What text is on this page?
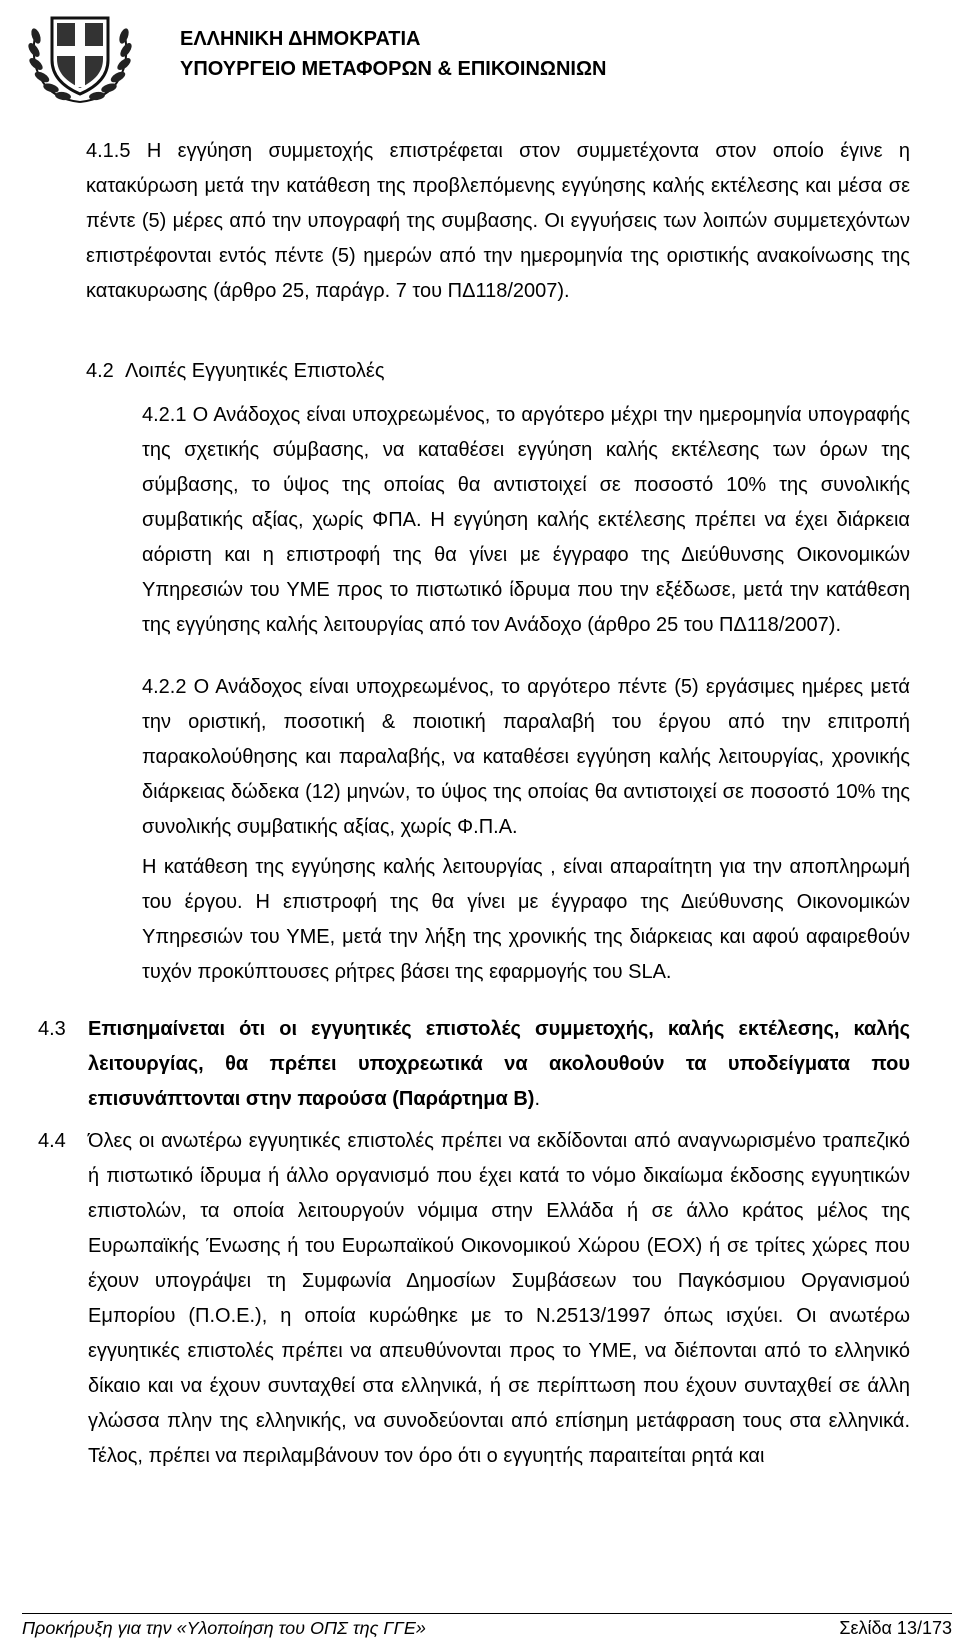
ΕΛΛΗΝΙΚΗ ΔΗΜΟΚΡΑΤΙΑ
ΥΠΟΥΡΓΕΙΟ ΜΕΤΑΦΟΡΩΝ & ΕΠΙΚΟΙΝΩΝΙΩΝ

4.1.5 Η εγγύηση συμμετοχής επιστρέφεται στον συμμετέχοντα στον οποίο έγινε η κατακύρωση μετά την κατάθεση της προβλεπόμενης εγγύησης καλής εκτέλεσης και μέσα σε πέντε (5) μέρες από την υπογραφή της συμβασης. Οι εγγυήσεις των λοιπών συμμετεχόντων επιστρέφονται εντός πέντε (5) ημερών από την ημερομηνία της οριστικής ανακοίνωσης της κατακυρωσης (άρθρο 25, παράγρ. 7 του ΠΔ118/2007).

4.2 Λοιπές Εγγυητικές Επιστολές

4.2.1 Ο Ανάδοχος είναι υποχρεωμένος, το αργότερο μέχρι την ημερομηνία υπογραφής της σχετικής σύμβασης, να καταθέσει εγγύηση καλής εκτέλεσης των όρων της σύμβασης, το ύψος της οποίας θα αντιστοιχεί σε ποσοστό 10% της συνολικής συμβατικής αξίας, χωρίς ΦΠΑ. Η εγγύηση καλής εκτέλεσης πρέπει να έχει διάρκεια αόριστη και η επιστροφή της θα γίνει με έγγραφο της Διεύθυνσης Οικονομικών Υπηρεσιών του ΥΜΕ προς το πιστωτικό ίδρυμα που την εξέδωσε, μετά την κατάθεση της εγγύησης καλής λειτουργίας από τον Ανάδοχο (άρθρο 25 του ΠΔ118/2007).

4.2.2 Ο Ανάδοχος είναι υποχρεωμένος, το αργότερο πέντε (5) εργάσιμες ημέρες μετά την οριστική, ποσοτική & ποιοτική παραλαβή του έργου από την επιτροπή παρακολούθησης και παραλαβής, να καταθέσει εγγύηση καλής λειτουργίας, χρονικής διάρκειας δώδεκα (12) μηνών, το ύψος της οποίας θα αντιστοιχεί σε ποσοστό 10% της συνολικής συμβατικής αξίας, χωρίς Φ.Π.Α.

Η κατάθεση της εγγύησης καλής λειτουργίας , είναι απαραίτητη για την αποπληρωμή του έργου. Η επιστροφή της θα γίνει με έγγραφο της Διεύθυνσης Οικονομικών Υπηρεσιών του ΥΜΕ, μετά την λήξη της χρονικής της διάρκειας και αφού αφαιρεθούν τυχόν προκύπτουσες ρήτρες βάσει της εφαρμογής του SLA.

4.3 Επισημαίνεται ότι οι εγγυητικές επιστολές συμμετοχής, καλής εκτέλεσης, καλής λειτουργίας, θα πρέπει υποχρεωτικά να ακολουθούν τα υποδείγματα που επισυνάπτονται στην παρούσα (Παράρτημα Β).

4.4 Όλες οι ανωτέρω εγγυητικές επιστολές πρέπει να εκδίδονται από αναγνωρισμένο τραπεζικό ή πιστωτικό ίδρυμα ή άλλο οργανισμό που έχει κατά το νόμο δικαίωμα έκδοσης εγγυητικών επιστολών, τα οποία λειτουργούν νόμιμα στην Ελλάδα ή σε άλλο κράτος μέλος της Ευρωπαϊκής Ένωσης ή του Ευρωπαϊκού Οικονομικού Χώρου (ΕΟΧ) ή σε τρίτες χώρες που έχουν υπογράψει τη Συμφωνία Δημοσίων Συμβάσεων του Παγκόσμιου Οργανισμού Εμπορίου (Π.Ο.Ε.), η οποία κυρώθηκε με το Ν.2513/1997 όπως ισχύει. Οι ανωτέρω εγγυητικές επιστολές πρέπει να απευθύνονται προς το ΥΜΕ, να διέπονται από το ελληνικό δίκαιο και να έχουν συνταχθεί στα ελληνικά, ή σε περίπτωση που έχουν συνταχθεί σε άλλη γλώσσα πλην της ελληνικής, να συνοδεύονται από επίσημη μετάφραση τους στα ελληνικά. Τέλος, πρέπει να περιλαμβάνουν τον όρο ότι ο εγγυητής παραιτείται ρητά και

Προκήρυξη για την «Υλοποίηση του ΟΠΣ της ΓΓΕ»	Σελίδα 13/173
